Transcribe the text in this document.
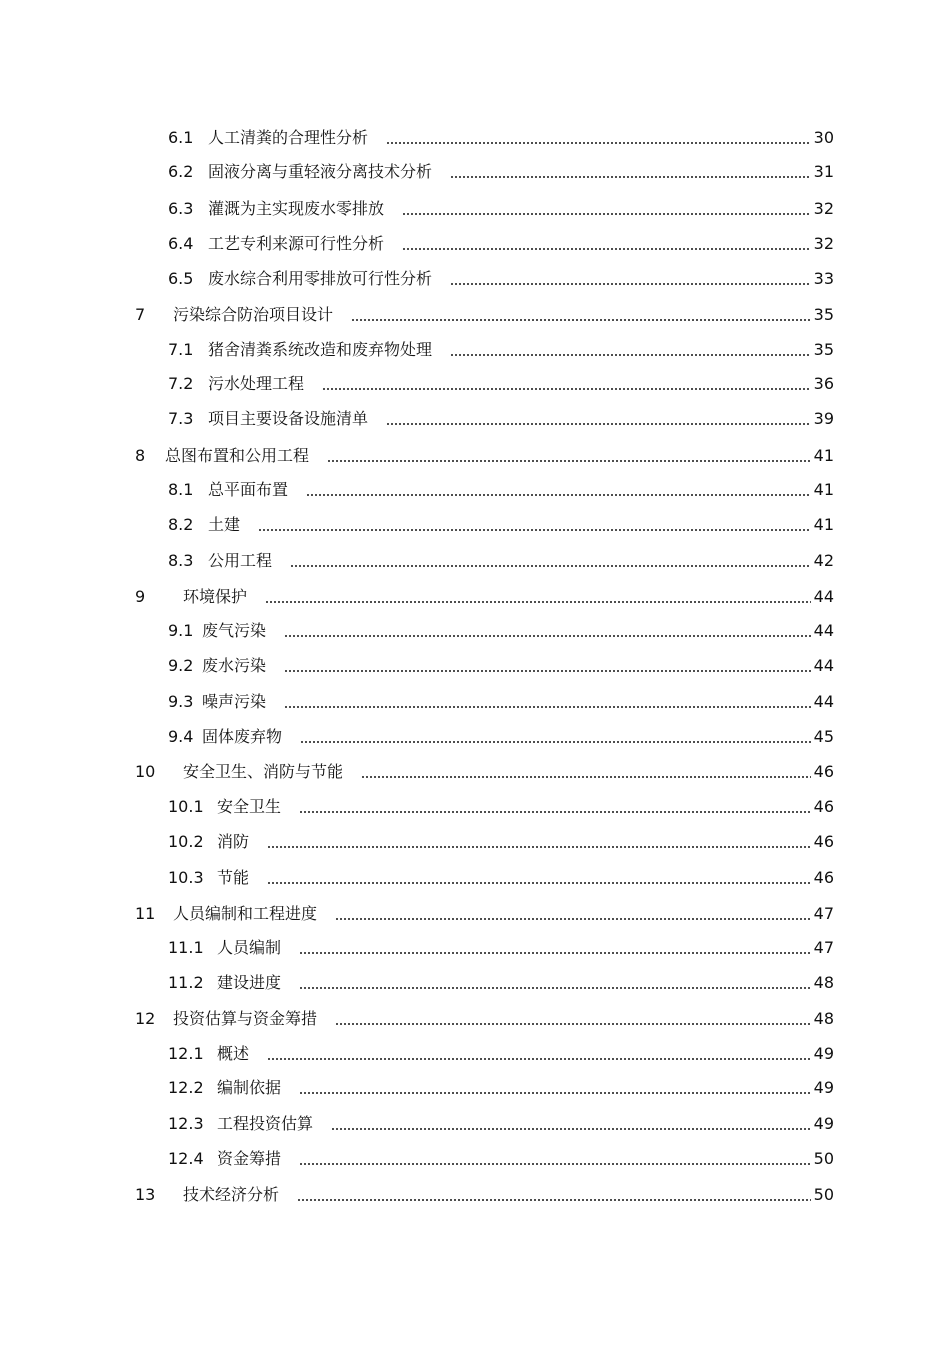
6.1 人工清粪的合理性分析	30
6.2 固液分离与重轻液分离技术分析	31
6.3 灌溉为主实现废水零排放	32
6.4 工艺专利来源可行性分析	32
6.5 废水综合利用零排放可行性分析	33
7	污染综合防治项目设计	35
7.1 猪舍清粪系统改造和废弃物处理	35
7.2 污水处理工程	36
7.3 项目主要设备设施清单	39
8	总图布置和公用工程	41
8.1 总平面布置	41
8.2 土建	41
8.3 公用工程	42
9	环境保护	44
9.1 废气污染	44
9.2 废水污染	44
9.3 噪声污染	44
9.4 固体废弃物	45
10	安全卫生、消防与节能	46
10.1 安全卫生	46
10.2 消防	46
10.3 节能	46
11	人员编制和工程进度	47
11.1 人员编制	47
11.2 建设进度	48
12	投资估算与资金筹措	48
12.1 概述	49
12.2 编制依据	49
12.3 工程投资估算	49
12.4 资金筹措	50
13	技术经济分析	50
